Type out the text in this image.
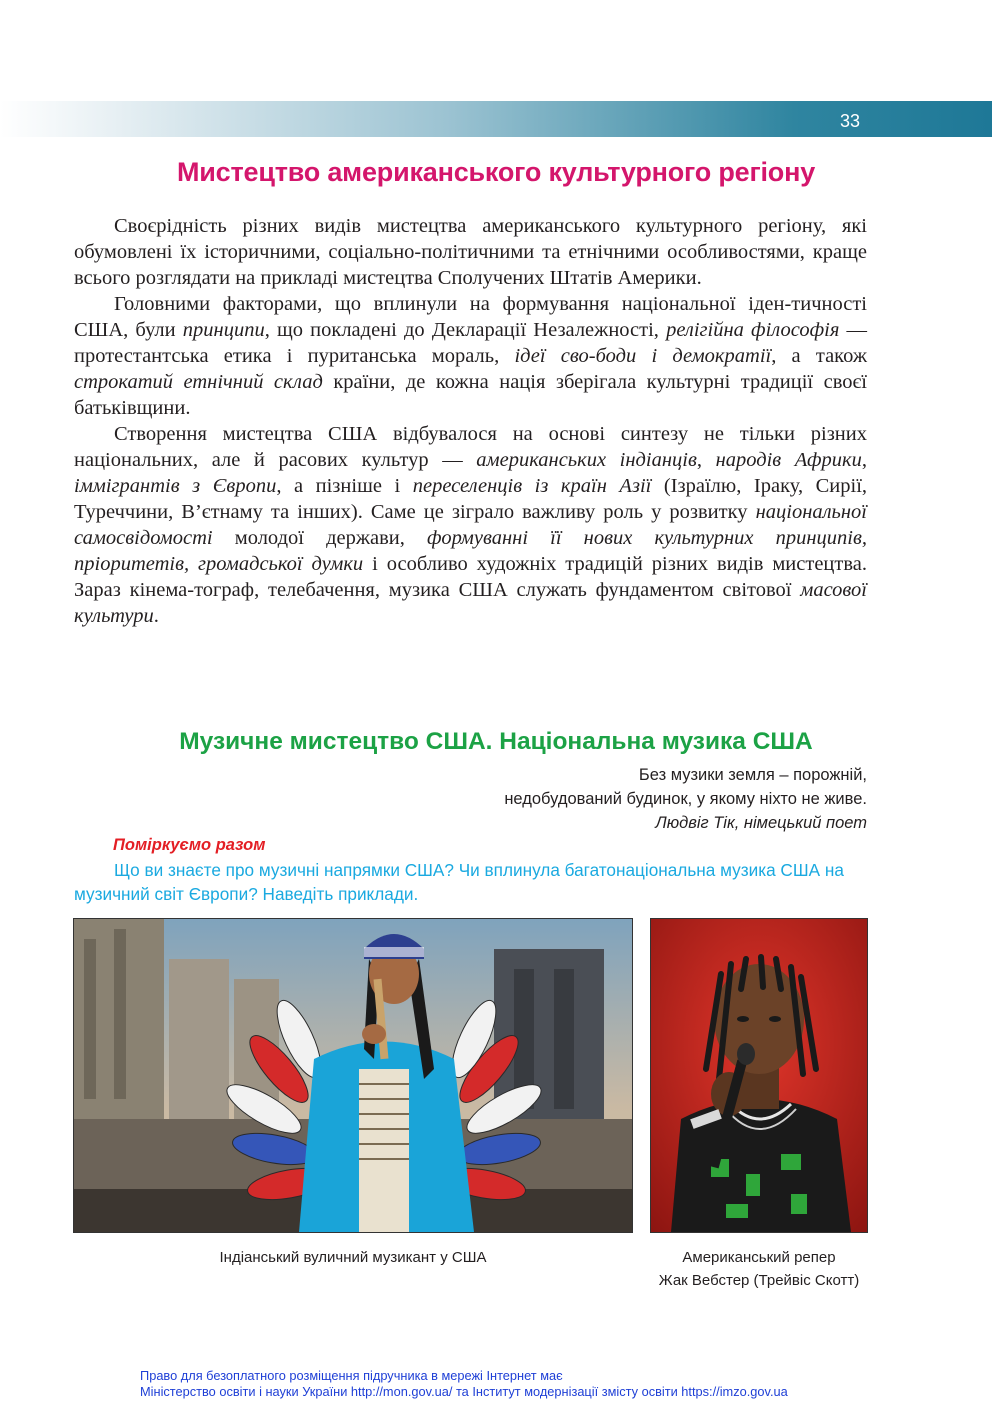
33
Мистецтво американського культурного регіону

Своєрідність різних видів мистецтва американського культурного регіону, які обумовлені їх історичними, соціально-політичними та етнічними особливостями, краще всього розглядати на прикладі мистецтва Сполучених Штатів Америки.

Головними факторами, що вплинули на формування національної іден-тичності США, були принципи, що покладені до Декларації Незалежності, релігійна філософія — протестантська етика і пуританська мораль, ідеї сво-боди і демократії, а також строкатий етнічний склад країни, де кожна нація зберігала культурні традиції своєї батьківщини.

Створення мистецтва США відбувалося на основі синтезу не тільки різних національних, але й расових культур — американських індіанців, народів Африки, іммігрантів з Європи, а пізніше і переселенців із країн Азії (Ізраїлю, Іраку, Сирії, Туреччини, В’єтнаму та інших). Саме це зіграло важливу роль у розвитку національної самосвідомості молодої держави, формуванні її нових культурних принципів, пріоритетів, громадської думки і особливо художніх традицій різних видів мистецтва. Зараз кінема-тограф, телебачення, музика США служать фундаментом світової масової культури.

Музичне мистецтво США. Національна музика США
Без музики земля – порожній,
недобудований будинок, у якому ніхто не живе.
Людвіг Тік, німецький поет
Поміркуємо разом
Що ви знаєте про музичні напрямки США? Чи вплинула багатонаціональна музика США на музичний світ Європи? Наведіть приклади.
Індіанський вуличний музикант у США	Американський репер
Жак Вебстер (Трейвіс Скотт)
Право для безоплатного розміщення підручника в мережі Інтернет має
Міністерство освіти і науки України http://mon.gov.ua/ та Інститут модернізації змісту освіти https://imzo.gov.ua
